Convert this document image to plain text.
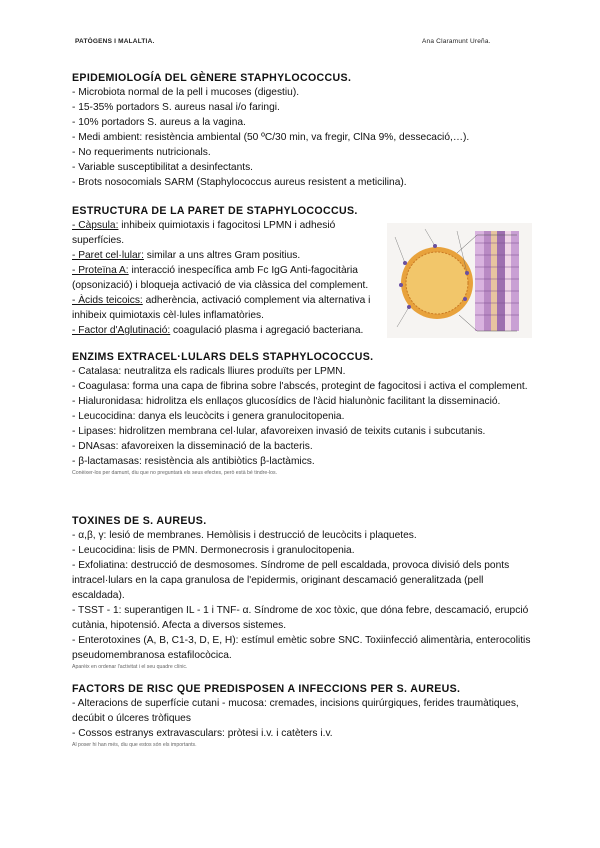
PATÒGENS I MALALTIA.	Ana Claramunt Ureña.
EPIDEMIOLOGÍA DEL GÈNERE STAPHYLOCOCCUS.

- Microbiota normal de la pell i mucoses (digestiu).

- 15-35% portadors S. aureus nasal i/o faringi.

- 10% portadors S. aureus a la vagina.

- Medi ambient: resistència ambiental (50 ºC/30 min, va fregir, ClNa 9%, dessecació,…).

- No requeriments nutricionals.

- Variable susceptibilitat a desinfectants.

- Brots nosocomials SARM (Staphylococcus aureus resistent a meticilina).

ESTRUCTURA DE LA PARET DE STAPHYLOCOCCUS.

- Càpsula: inhibeix quimiotaxis i fagocitosi LPMN i adhesió superfícies.

- Paret cel·lular: similar a uns altres Gram positius.

- Proteïna A: interacció inespecífica amb Fc IgG Anti-fagocitària (opsonizació) i bloqueja activació de via clàssica del complement.

- Àcids teicoics: adherència, activació complement via alternativa i inhibeix quimiotaxis cèl·lules inflamatòries.

- Factor d'Aglutinació: coagulació plasma i agregació bacteriana.

ENZIMS EXTRACEL·LULARS DELS STAPHYLOCOCCUS.

- Catalasa: neutralitza els radicals lliures produïts per LPMN.

- Coagulasa: forma una capa de fibrina sobre l'abscés, protegint de fagocitosi i activa el complement.

- Hialuronidasa: hidrolitza els enllaços glucosídics de l'àcid hialunònic facilitant la disseminació.

- Leucocidina: danya els leucòcits i genera granulocitopenia.

- Lipases: hidrolitzen membrana cel·lular, afavoreixen invasió de teixits cutanis i subcutanis.

- DNAsas: afavoreixen la disseminació de la bacteris.

- β-lactamasas: resistència als antibiòtics β-lactàmics.

Conèixer-los per damunt, diu que no preguntarà els seus efectes, però està bé tindre-los.

TOXINES DE S. AUREUS.

- α,β, γ: lesió de membranes. Hemòlisis i destrucció de leucòcits i plaquetes.

- Leucocidina: lisis de PMN. Dermonecrosis i granulocitopenia.

- Exfoliatina: destrucció de desmosomes. Síndrome de pell escaldada, provoca divisió dels ponts intracel·lulars en la capa granulosa de l'epidermis, originant descamació generalitzada (pell escaldada).

- TSST - 1: superantigen IL - 1 i TNF- α. Síndrome de xoc tòxic, que dóna febre, descamació, erupció cutània, hipotensió. Afecta a diversos sistemes.

- Enterotoxines (A, B, C1-3, D, E, H): estímul emètic sobre SNC. Toxiinfecció alimentària, enterocolitis pseudomembranosa estafilocòcica.

Aparèix en ordenar l'activitat i el seu quadre clínic.

FACTORS DE RISC QUE PREDISPOSEN A INFECCIONS PER S. AUREUS.

- Alteracions de superfície cutani - mucosa: cremades, incisions quirúrgiques, ferides traumàtiques, decúbit o úlceres tròfiques

- Cossos estranys extravasculars: pròtesi i.v. i catèters i.v.

Al poser hi han més, diu que estos són els importants.
